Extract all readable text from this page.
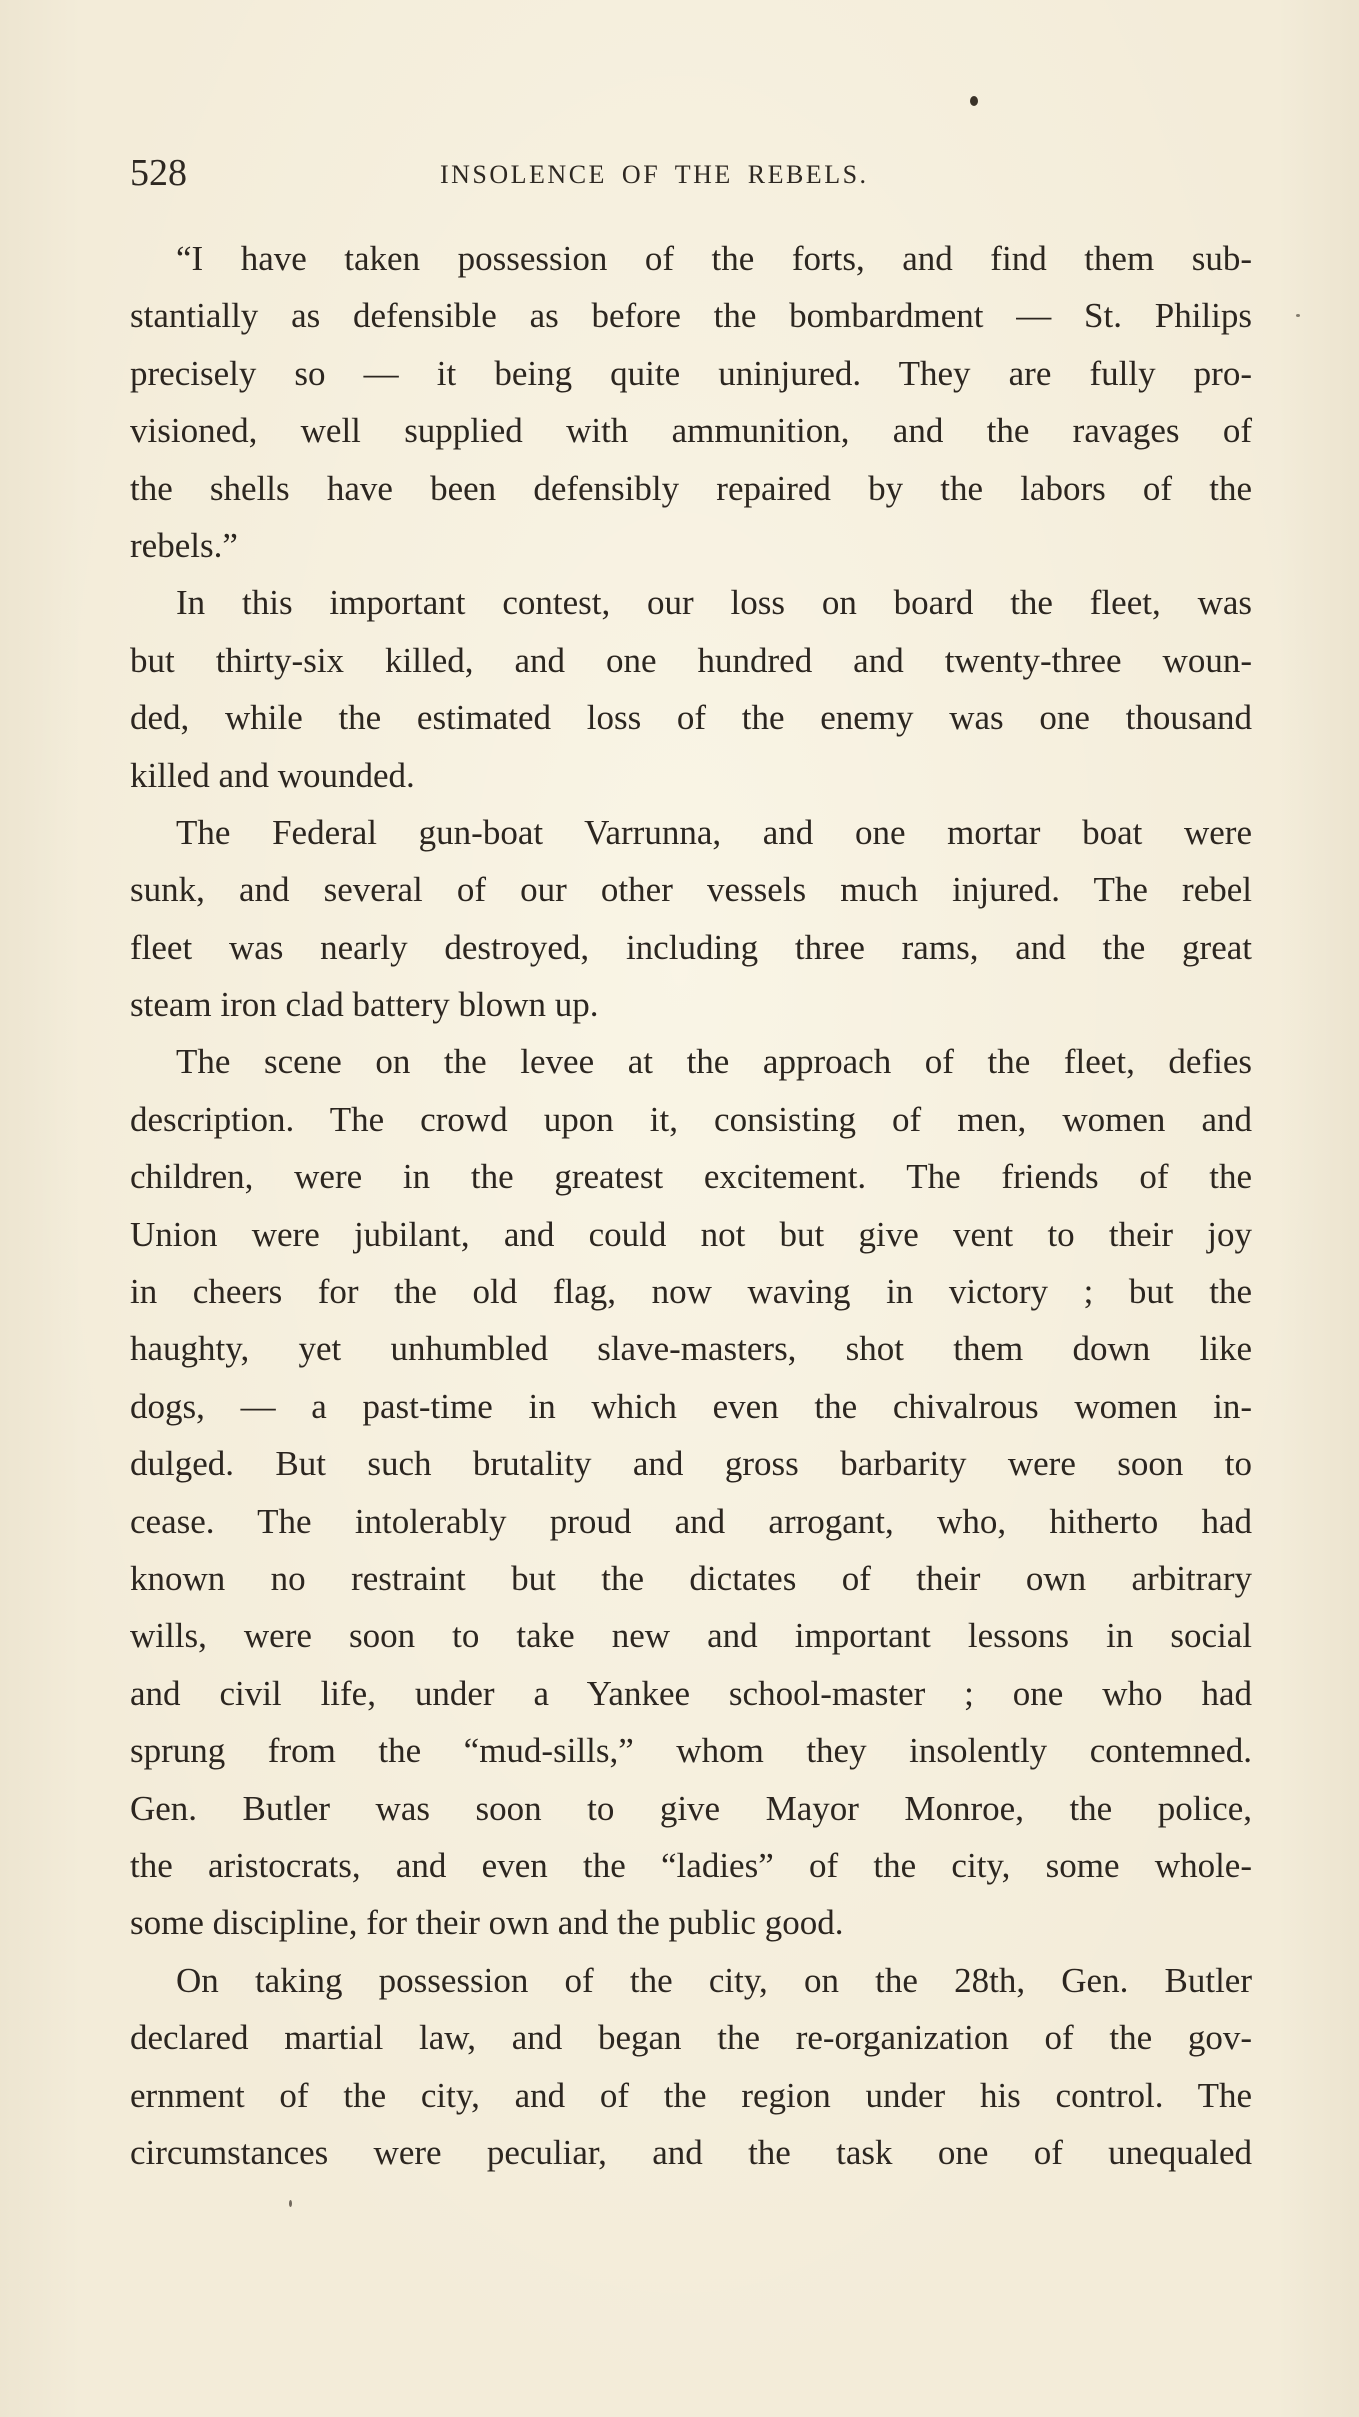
528	INSOLENCE OF THE REBELS.
“I have taken possession of the forts, and find them sub-
stantially as defensible as before the bombardment — St. Philips
precisely so — it being quite uninjured. They are fully pro-
visioned, well supplied with ammunition, and the ravages of
the shells have been defensibly repaired by the labors of the
rebels.”
In this important contest, our loss on board the fleet, was
but thirty-six killed, and one hundred and twenty-three woun-
ded, while the estimated loss of the enemy was one thousand
killed and wounded.
The Federal gun-boat Varrunna, and one mortar boat were
sunk, and several of our other vessels much injured. The rebel
fleet was nearly destroyed, including three rams, and the great
steam iron clad battery blown up.
The scene on the levee at the approach of the fleet, defies
description. The crowd upon it, consisting of men, women and
children, were in the greatest excitement. The friends of the
Union were jubilant, and could not but give vent to their joy
in cheers for the old flag, now waving in victory ; but the
haughty, yet unhumbled slave-masters, shot them down like
dogs, — a past-time in which even the chivalrous women in-
dulged. But such brutality and gross barbarity were soon to
cease. The intolerably proud and arrogant, who, hitherto had
known no restraint but the dictates of their own arbitrary
wills, were soon to take new and important lessons in social
and civil life, under a Yankee school-master ; one who had
sprung from the “mud-sills,” whom they insolently contemned.
Gen. Butler was soon to give Mayor Monroe, the police,
the aristocrats, and even the “ladies” of the city, some whole-
some discipline, for their own and the public good.
On taking possession of the city, on the 28th, Gen. Butler
declared martial law, and began the re-organization of the gov-
ernment of the city, and of the region under his control. The
circumstances were peculiar, and the task one of unequaled
